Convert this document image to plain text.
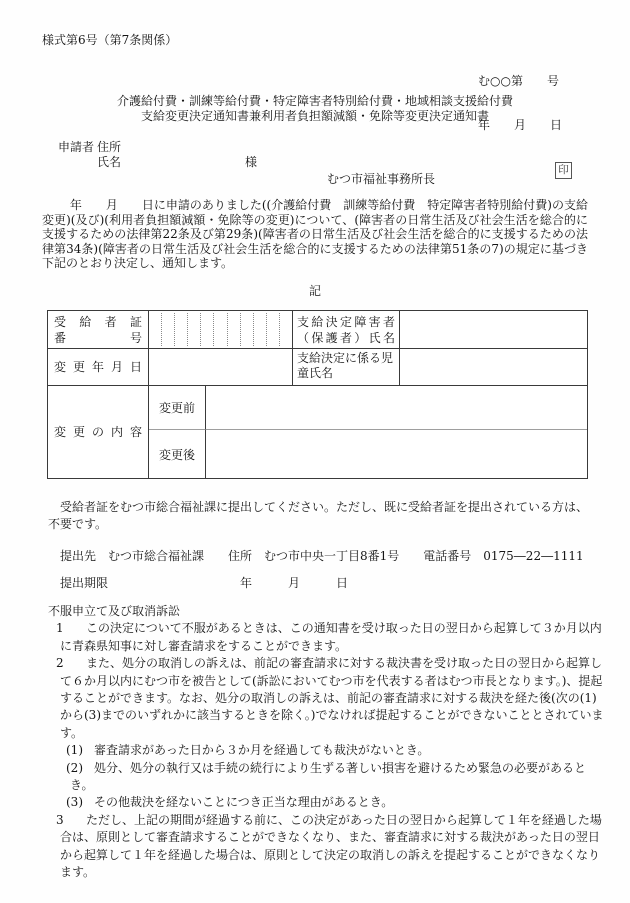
様式第6号（第7条関係）

む○○第　　号

年　　月　　日

介護給付費・訓練等給付費・特定障害者特別給付費・地域相談支援給付費
支給変更決定通知書兼利用者負担額減額・免除等変更決定通知書
申請者 住所
氏名	様
むつ市福祉事務所長
印
　　 年　　月　　日に申請のありました((介護給付費　訓練等給付費　特定障害者特別給付費)の支給変更)(及び)(利用者負担額減額・免除等の変更)について、(障害者の日常生活及び社会生活を総合的に支援するための法律第22条及び第29条)(障害者の日常生活及び社会生活を総合的に支援するための法律第34条)(障害者の日常生活及び社会生活を総合的に支援するための法律第51条の7)の規定に基づき下記のとおり決定し、通知します。
記
受給者証
番号
支給決定障害者
（保護者）氏名
変更年月日
支給決定に係る児童氏名
変更の内容
変更前
変更後
　受給者証をむつ市総合福祉課に提出してください。ただし、既に受給者証を提出されている方は、不要です。
提出先　むつ市総合福祉課　　住所　むつ市中央一丁目8番1号　　電話番号　0175―22―1111
提出期限　　　　　　　　　　　年　　　月　　　日
不服申立て及び取消訴訟

1 この決定について不服があるときは、この通知書を受け取った日の翌日から起算して３か月以内に青森県知事に対し審査請求をすることができます。

2 また、処分の取消しの訴えは、前記の審査請求に対する裁決書を受け取った日の翌日から起算して６か月以内にむつ市を被告として(訴訟においてむつ市を代表する者はむつ市長となります。)、提起することができます。なお、処分の取消しの訴えは、前記の審査請求に対する裁決を経た後(次の(1)から(3)までのいずれかに該当するときを除く。)でなければ提起することができないこととされています。

(1) 審査請求があった日から３か月を経過しても裁決がないとき。

(2) 処分、処分の執行又は手続の続行により生ずる著しい損害を避けるため緊急の必要があるとき。

(3) その他裁決を経ないことにつき正当な理由があるとき。

3 ただし、上記の期間が経過する前に、この決定があった日の翌日から起算して１年を経過した場合は、原則として審査請求することができなくなり、また、審査請求に対する裁決があった日の翌日から起算して１年を経過した場合は、原則として決定の取消しの訴えを提起することができなくなります。
